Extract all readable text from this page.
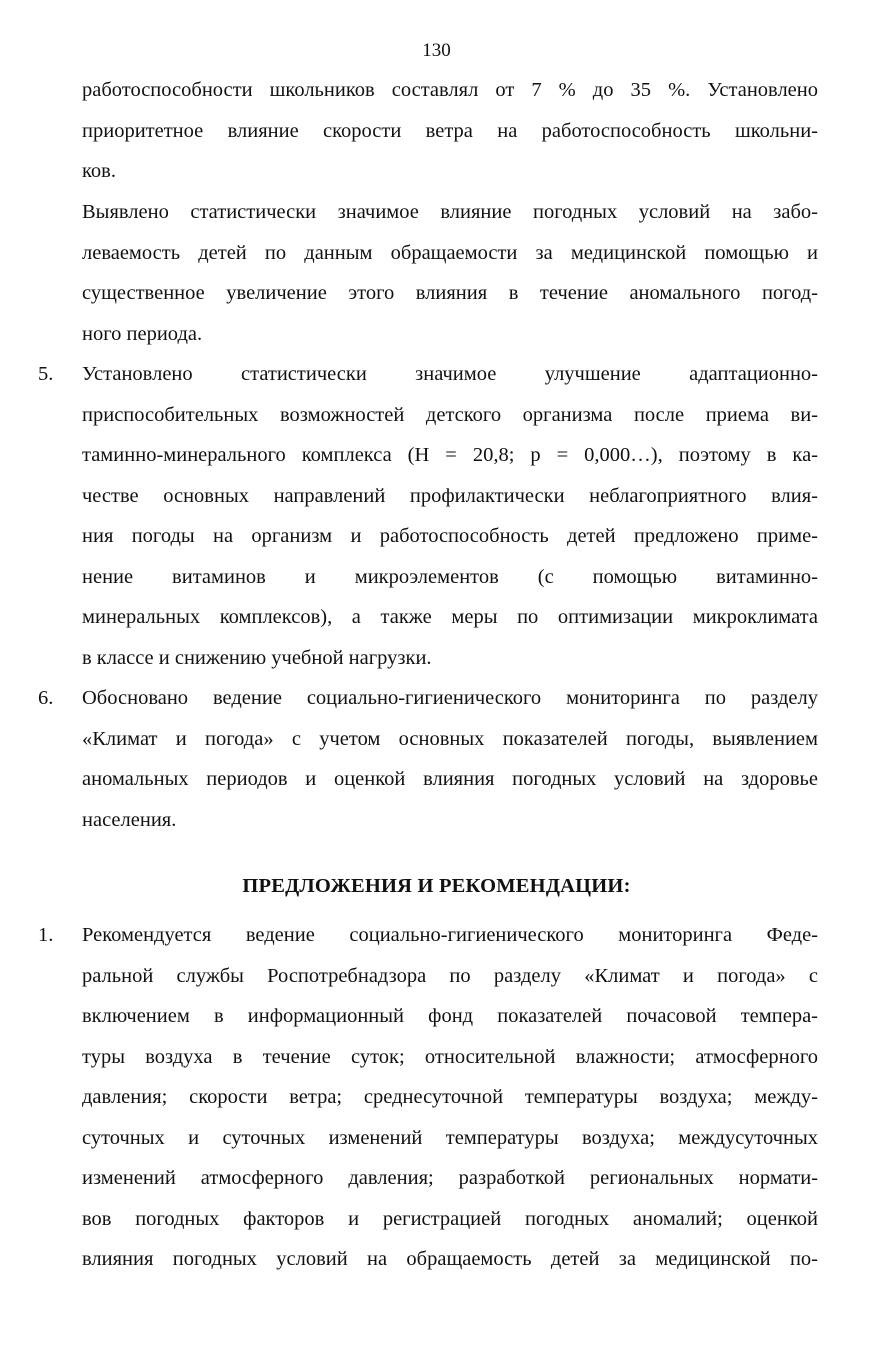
130
работоспособности школьников составлял от 7 % до 35 %. Установлено
приоритетное влияние скорости ветра на работоспособность школьни-
ков.
Выявлено статистически значимое влияние погодных условий на забо-
леваемость детей по данным обращаемости за медицинской помощью и
существенное увеличение этого влияния в течение аномального погод-
ного периода.
5.	Установлено статистически значимое улучшение адаптационно-
приспособительных возможностей детского организма после приема ви-
таминно-минерального комплекса (Н = 20,8; р = 0,000…), поэтому в ка-
честве основных направлений профилактически неблагоприятного влия-
ния погоды на организм и работоспособность детей предложено приме-
нение витаминов и микроэлементов (с помощью витаминно-
минеральных комплексов), а также меры по оптимизации микроклимата
в классе и снижению учебной нагрузки.
6.	Обосновано ведение социально-гигиенического мониторинга по разделу
«Климат и погода» с учетом основных показателей погоды, выявлением
аномальных периодов и оценкой влияния погодных условий на здоровье
населения.
ПРЕДЛОЖЕНИЯ И РЕКОМЕНДАЦИИ:
1.	Рекомендуется ведение социально-гигиенического мониторинга Феде-
ральной службы Роспотребнадзора по разделу «Климат и погода» с
включением в информационный фонд показателей почасовой темпера-
туры воздуха в течение суток; относительной влажности; атмосферного
давления; скорости ветра; среднесуточной температуры воздуха; между-
суточных и суточных изменений температуры воздуха; междусуточных
изменений атмосферного давления; разработкой региональных нормати-
вов погодных факторов и регистрацией погодных аномалий; оценкой
влияния погодных условий на обращаемость детей за медицинской по-
